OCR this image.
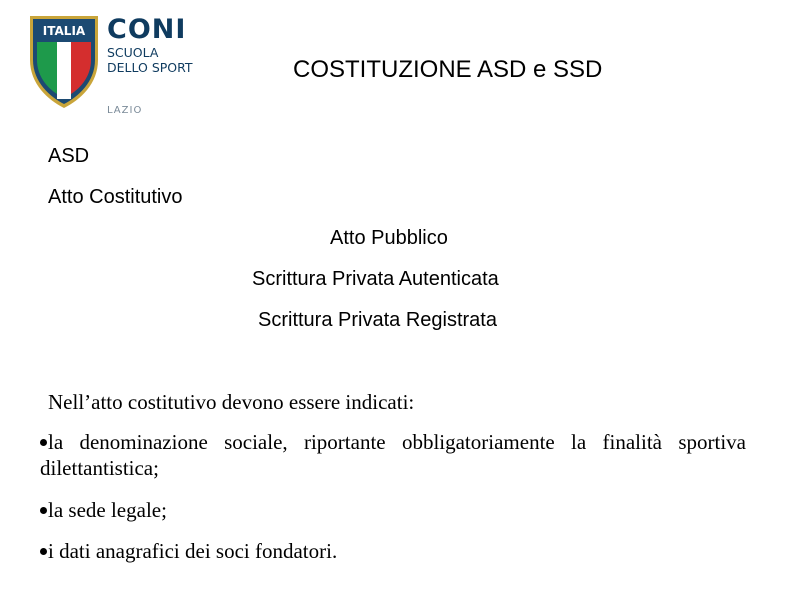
ITALIA CONI
SCUOLA
DELLO SPORT
LAZIO
COSTITUZIONE ASD e SSD
ASD
Atto Costitutivo
Atto Pubblico
Scrittura Privata Autenticata
Scrittura Privata Registrata
Nell’atto costitutivo devono essere indicati:
la denominazione sociale, riportante obbligatoriamente la finalità sportiva dilettantistica;
la sede legale;
i dati anagrafici dei soci fondatori.
